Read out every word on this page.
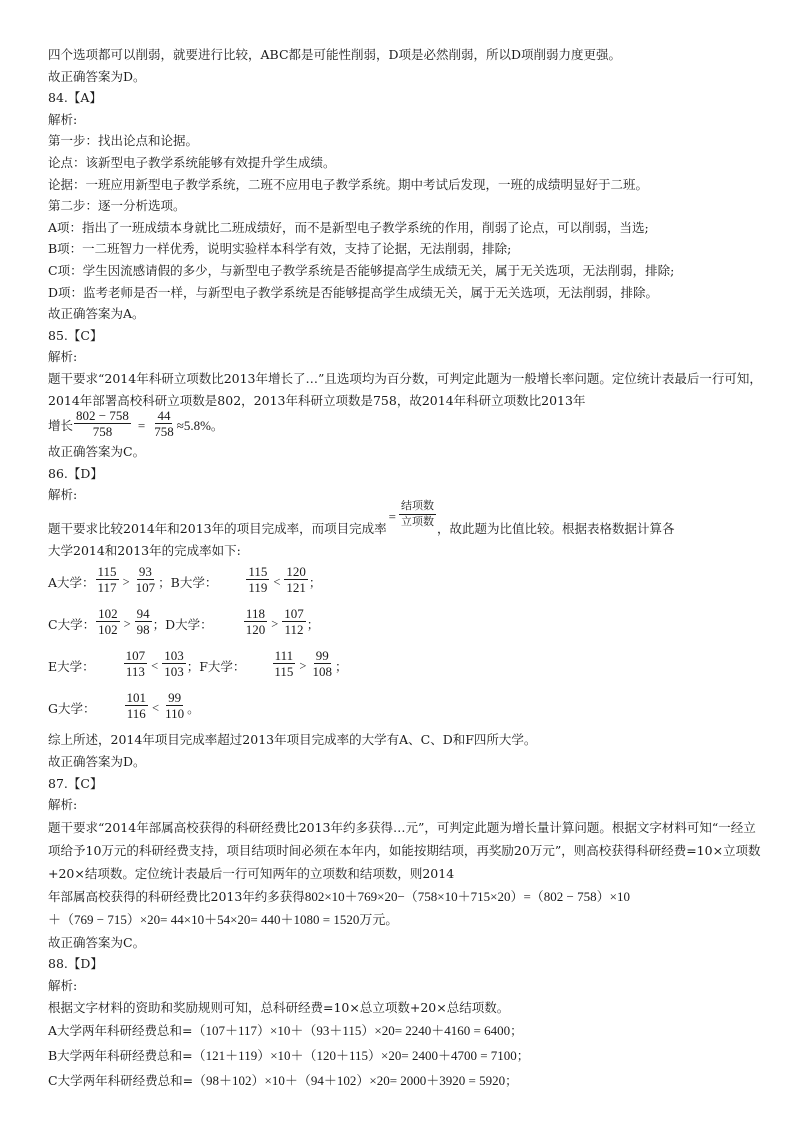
四个选项都可以削弱，就要进行比较，ABC都是可能性削弱，D项是必然削弱，所以D项削弱力度更强。
故正确答案为D。
84.【A】
解析:
第一步：找出论点和论据。
论点：该新型电子教学系统能够有效提升学生成绩。
论据：一班应用新型电子教学系统，二班不应用电子教学系统。期中考试后发现，一班的成绩明显好于二班。
第二步：逐一分析选项。
A项：指出了一班成绩本身就比二班成绩好，而不是新型电子教学系统的作用，削弱了论点，可以削弱，当选;
B项：一二班智力一样优秀，说明实验样本科学有效，支持了论据，无法削弱，排除;
C项：学生因流感请假的多少，与新型电子教学系统是否能够提高学生成绩无关，属于无关选项，无法削弱，排除;
D项：监考老师是否一样，与新型电子教学系统是否能够提高学生成绩无关，属于无关选项，无法削弱，排除。
故正确答案为A。
85.【C】
解析:
题干要求“2014年科研立项数比2013年增长了…”且选项均为百分数，可判定此题为一般增长率问题。定位统计表最后一行可知，2014年部署高校科研立项数是802，2013年科研立项数是758，故2014年科研立项数比2013年
增长 $\frac{802 - 758}{758} = \frac{44}{758} \approx 5.8\%$ 。
故正确答案为C。
86.【D】
解析:
题干要求比较2014年和2013年的项目完成率，而项目完成率
= $\frac{\text{结项数}}{\text{立项数}}$ ，故此题为比值比较。根据表格数据计算各
大学2014和2013年的完成率如下:
A大学： $\frac{115}{117} > \frac{93}{107}$ ； B大学： $\frac{115}{119} < \frac{120}{121}$ ；
C大学： $\frac{102}{102} > \frac{94}{98}$ ； D大学： $\frac{118}{120} > \frac{107}{112}$ ；
E大学： $\frac{107}{113} < \frac{103}{103}$ ； F大学： $\frac{111}{115} > \frac{99}{108}$ ；
G大学： $\frac{101}{116} < \frac{99}{110}$ 。
综上所述，2014年项目完成率超过2013年项目完成率的大学有A、C、D和F四所大学。
故正确答案为D。
87.【C】
解析:
题干要求“2014年部属高校获得的科研经费比2013年约多获得…元”，可判定此题为增长量计算问题。根据文字材料可知“一经立项给予10万元的科研经费支持，项目结项时间必须在本年内，如能按期结项，再奖励20万元”，则高校获得科研经费=10×立项数+20×结项数。定位统计表最后一行可知两年的立项数和结项数，则2014
年部属高校获得的科研经费比2013年约多获得802×10＋769×20−（758×10＋715×20）=（802 − 758）×10
＋（769 − 715）×20= 44×10＋54×20= 440＋1080 = 1520万元。
故正确答案为C。
88.【D】
解析:
根据文字材料的资助和奖励规则可知，总科研经费=10×总立项数+20×总结项数。
A大学两年科研经费总和=（107＋117）×10＋（93＋115）×20= 2240＋4160 = 6400；
B大学两年科研经费总和=（121＋119）×10＋（120＋115）×20= 2400＋4700 = 7100；
C大学两年科研经费总和=（98＋102）×10＋（94＋102）×20= 2000＋3920 = 5920；
